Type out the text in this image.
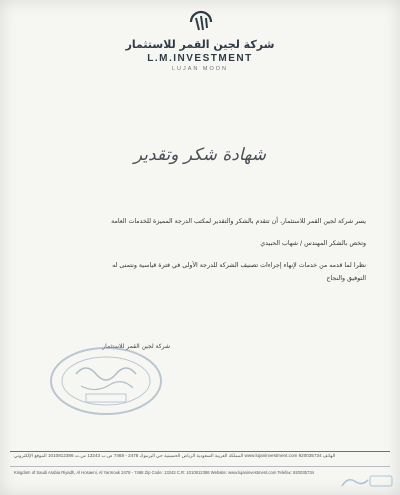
شركة لجين القمر للاستثمار
L.M.INVESTMENT
LUJAN MOON
شهادة شكر وتقدير
يسر شركة لجين القمر للاستثمار، أن تتقدم بالشكر والتقدير لمكتب الدرجة المميزة للخدمات العامة
وتخص بالشكر المهندس / شهاب الحبيدي
نظرا لما قدمه من خدمات لإنهاء إجراءات تصنيف الشركة للدرجة الأولى في فترة قياسية ونتمنى له
التوفيق والنجاح
شركة لجين القمر للاستثمار
المملكة العربية السعودية الرياض الحسينية حي اليرموك 2478 - 7468 ص.ب 13243 س.ت 1010812386 الموقع الإلكتروني www.lujaninvestment.com الهاتف 920035734
Kingdom of Saudi Arabia Riyadh, Al Hosaeni, Al Yarmouk 2478 - 7468 Zip Code: 13243 C.R: 1010812386 Website: www.lujaninvestment.com Telefax: 920035734
